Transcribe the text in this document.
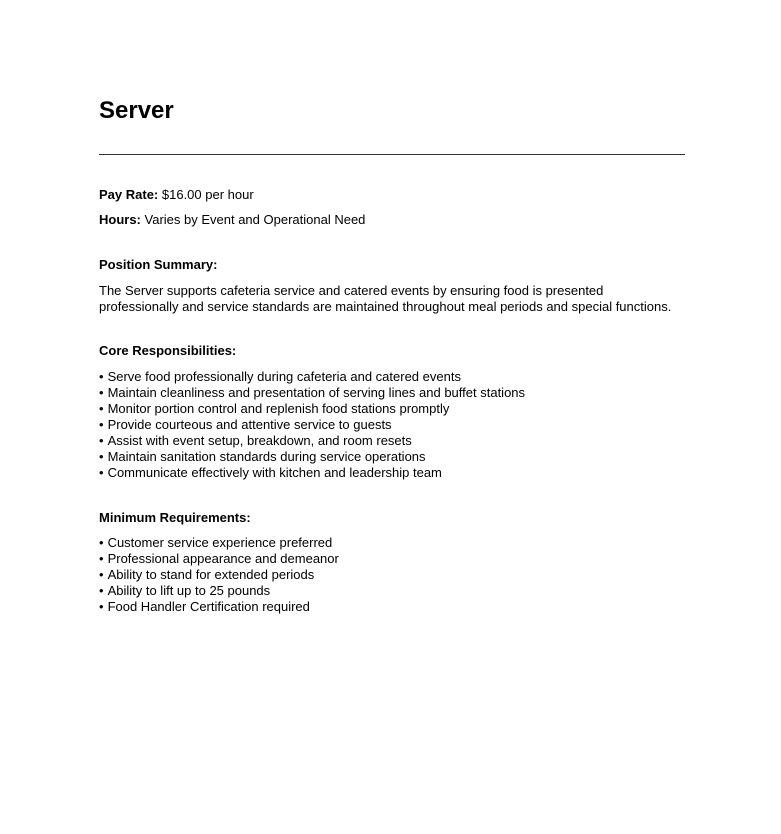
Server
Pay Rate: $16.00 per hour
Hours: Varies by Event and Operational Need
Position Summary:
The Server supports cafeteria service and catered events by ensuring food is presented
professionally and service standards are maintained throughout meal periods and special functions.
Core Responsibilities:
• Serve food professionally during cafeteria and catered events
• Maintain cleanliness and presentation of serving lines and buffet stations
• Monitor portion control and replenish food stations promptly
• Provide courteous and attentive service to guests
• Assist with event setup, breakdown, and room resets
• Maintain sanitation standards during service operations
• Communicate effectively with kitchen and leadership team
Minimum Requirements:
• Customer service experience preferred
• Professional appearance and demeanor
• Ability to stand for extended periods
• Ability to lift up to 25 pounds
• Food Handler Certification required
